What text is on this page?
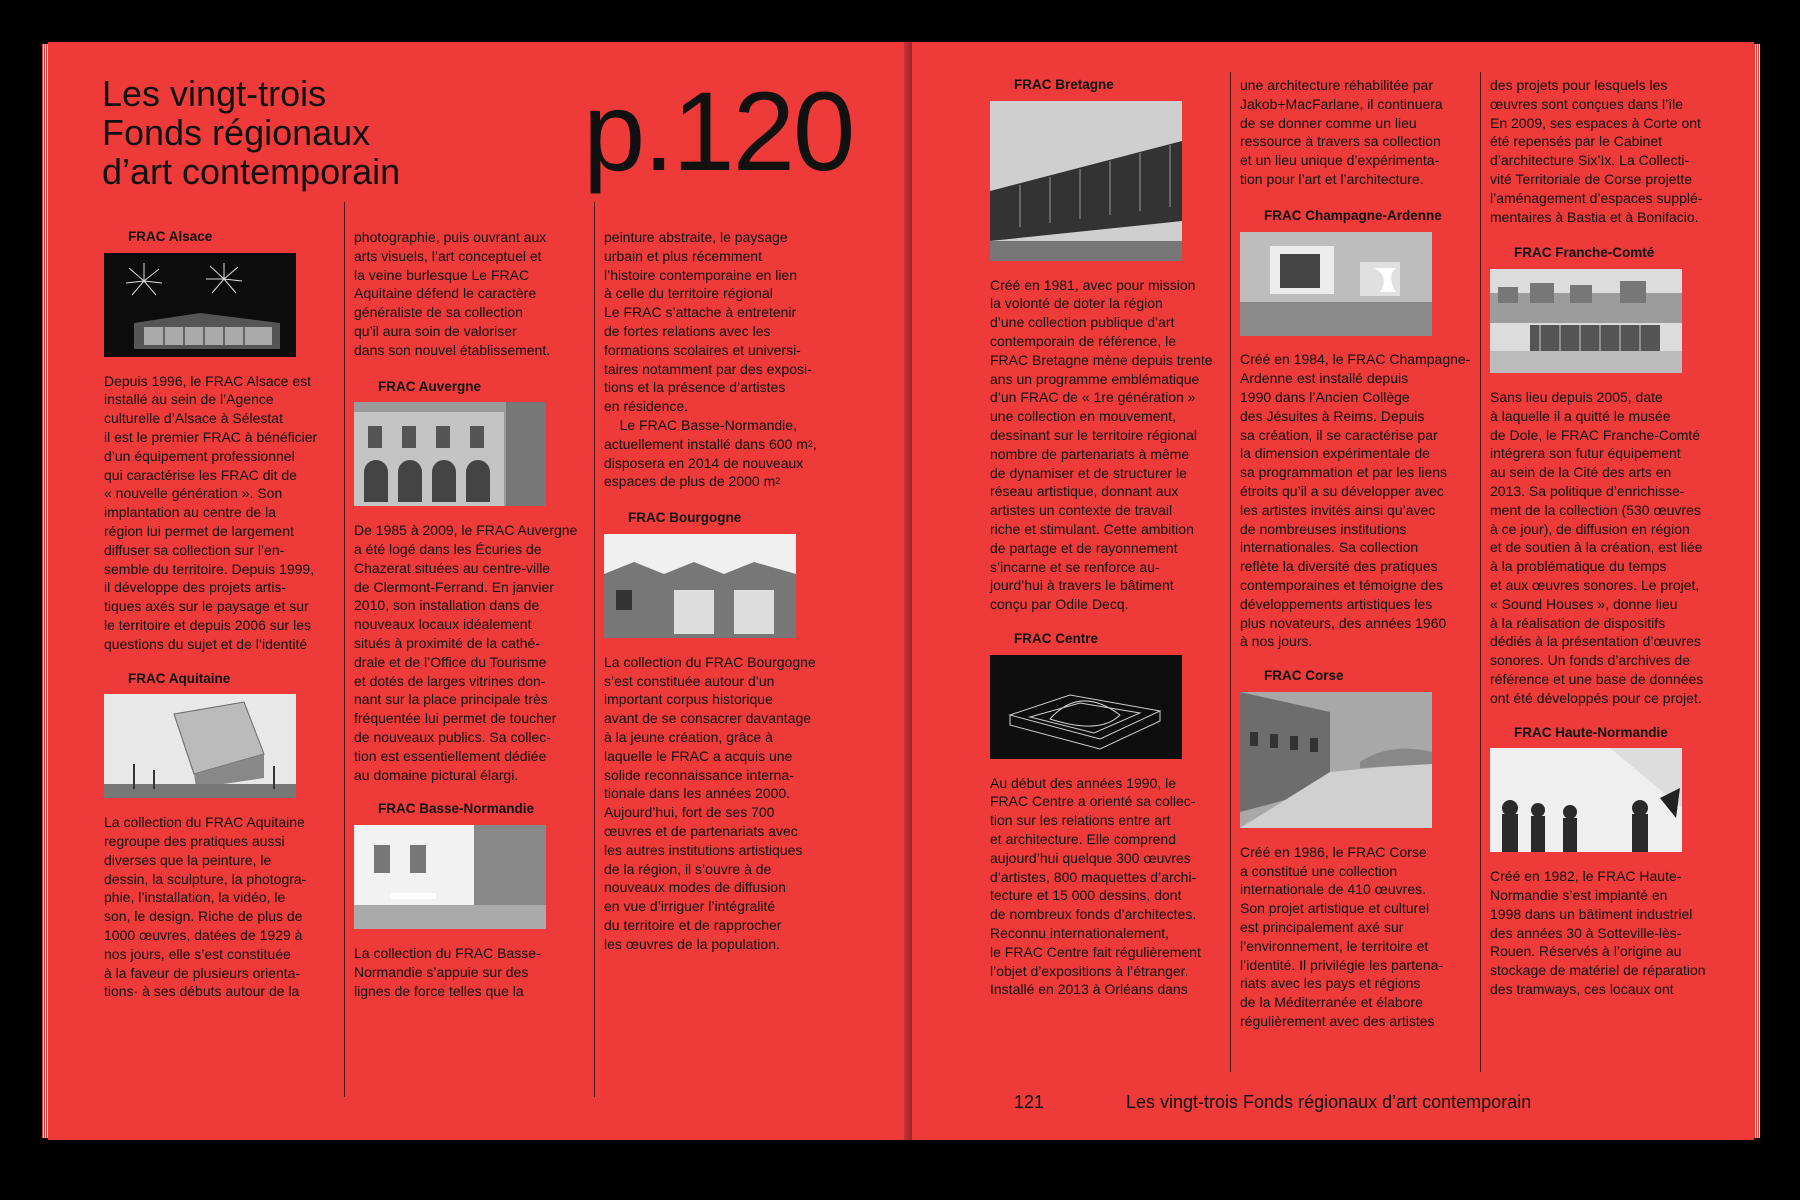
Les vingt-trois
Fonds régionaux
d’art contemporain	p.120
FRAC Alsace

Depuis 1996, le FRAC Alsace est
installé au sein de l’Agence
culturelle d’Alsace à Sélestat
il est le premier FRAC à bénéficier
d’un équipement professionnel
qui caractérise les FRAC dit de
« nouvelle génération ». Son
implantation au centre de la
région lui permet de largement
diffuser sa collection sur l’en-
semble du territoire. Depuis 1999,
il développe des projets artis-
tiques axés sur le paysage et sur
le territoire et depuis 2006 sur les
questions du sujet et de l’identité

FRAC Aquitaine

La collection du FRAC Aquitaine
regroupe des pratiques aussi
diverses que la peinture, le
dessin, la sculpture, la photogra-
phie, l’installation, la vidéo, le
son, le design. Riche de plus de
1000 œuvres, datées de 1929 à
nos jours, elle s’est constituée
à la faveur de plusieurs orienta-
tions· à ses débuts autour de la

photographie, puis ouvrant aux
arts visuels, l’art conceptuel et
la veine burlesque Le FRAC
Aquitaine défend le caractère
généraliste de sa collection
qu’il aura soin de valoriser
dans son nouvel établissement.

FRAC Auvergne

De 1985 à 2009, le FRAC Auvergne
a été logé dans les Écuries de
Chazerat situées au centre-ville
de Clermont-Ferrand. En janvier
2010, son installation dans de
nouveaux locaux idéalement
situés à proximité de la cathé-
drale et de l’Office du Tourisme
et dotés de larges vitrines don-
nant sur la place principale très
fréquentée lui permet de toucher
de nouveaux publics. Sa collec-
tion est essentiellement dédiée
au domaine pictural élargi.

FRAC Basse-Normandie

La collection du FRAC Basse-
Normandie s’appuie sur des
lignes de force telles que la

peinture abstraite, le paysage
urbain et plus récemment
l’histoire contemporaine en lien
à celle du territoire régional
Le FRAC s’attache à entretenir
de fortes relations avec les
formations scolaires et universi-
taires notamment par des exposi-
tions et la présence d’artistes
en résidence.
Le FRAC Basse-Normandie,
actuellement installé dans 600 $m^2$,
disposera en 2014 de nouveaux
espaces de plus de 2000 $m^2$

FRAC Bourgogne

La collection du FRAC Bourgogne
s’est constituée autour d’un
important corpus historique
avant de se consacrer davantage
à la jeune création, grâce à
laquelle le FRAC a acquis une
solide reconnaissance interna-
tionale dans les années 2000.
Aujourd’hui, fort de ses 700
œuvres et de partenariats avec
les autres institutions artistiques
de la région, il s’ouvre à de
nouveaux modes de diffusion
en vue d’irriguer l’intégralité
du territoire et de rapprocher
les œuvres de la population.

FRAC Bretagne

Créé en 1981, avec pour mission
la volonté de doter la région
d’une collection publique d’art
contemporain de référence, le
FRAC Bretagne mène depuis trente
ans un programme emblématique
d’un FRAC de « 1re génération »
une collection en mouvement,
dessinant sur le territoire régional
nombre de partenariats à même
de dynamiser et de structurer le
réseau artistique, donnant aux
artistes un contexte de travail
riche et stimulant. Cette ambition
de partage et de rayonnement
s’incarne et se renforce au-
jourd’hui à travers le bâtiment
conçu par Odile Decq.

FRAC Centre

Au début des années 1990, le
FRAC Centre a orienté sa collec-
tion sur les relations entre art
et architecture. Elle comprend
aujourd’hui quelque 300 œuvres
d’artistes, 800 maquettes d’archi-
tecture et 15 000 dessins, dont
de nombreux fonds d’architectes.
Reconnu internationalement,
le FRAC Centre fait régulièrement
l’objet d’expositions à l’étranger.
Installé en 2013 à Orléans dans

une architecture réhabilitée par
Jakob+MacFarlane, il continuera
de se donner comme un lieu
ressource à travers sa collection
et un lieu unique d’expérimenta-
tion pour l’art et l’architecture.

FRAC Champagne-Ardenne

Créé en 1984, le FRAC Champagne-
Ardenne est installé depuis
1990 dans l’Ancien Collège
des Jésuites à Reims. Depuis
sa création, il se caractérise par
la dimension expérimentale de
sa programmation et par les liens
étroits qu’il a su développer avec
les artistes invités ainsi qu’avec
de nombreuses institutions
internationales. Sa collection
reflète la diversité des pratiques
contemporaines et témoigne des
développements artistiques les
plus novateurs, des années 1960
à nos jours.

FRAC Corse

Créé en 1986, le FRAC Corse
a constitué une collection
internationale de 410 œuvres.
Son projet artistique et culturel
est principalement axé sur
l’environnement, le territoire et
l’identité. Il privilégie les partena-
riats avec les pays et régions
de la Méditerranée et élabore
régulièrement avec des artistes

des projets pour lesquels les
œuvres sont conçues dans l’île
En 2009, ses espaces à Corte ont
été repensés par le Cabinet
d’architecture Six’Ix. La Collecti-
vité Territoriale de Corse projette
l’aménagement d’espaces supplé-
mentaires à Bastia et à Bonifacio.

FRAC Franche-Comté

Sans lieu depuis 2005, date
à laquelle il a quitté le musée
de Dole, le FRAC Franche-Comté
intégrera son futur équipement
au sein de la Cité des arts en
2013. Sa politique d’enrichisse-
ment de la collection (530 œuvres
à ce jour), de diffusion en région
et de soutien à la création, est liée
à la problématique du temps
et aux œuvres sonores. Le projet,
« Sound Houses », donne lieu
à la réalisation de dispositifs
dédiés à la présentation d’œuvres
sonores. Un fonds d’archives de
référence et une base de données
ont été développés pour ce projet.

FRAC Haute-Normandie

Créé en 1982, le FRAC Haute-
Normandie s’est implanté en
1998 dans un bâtiment industriel
des années 30 à Sotteville-lès-
Rouen. Réservés à l’origine au
stockage de matériel de réparation
des tramways, ces locaux ont

121	Les vingt-trois Fonds régionaux d’art contemporain
